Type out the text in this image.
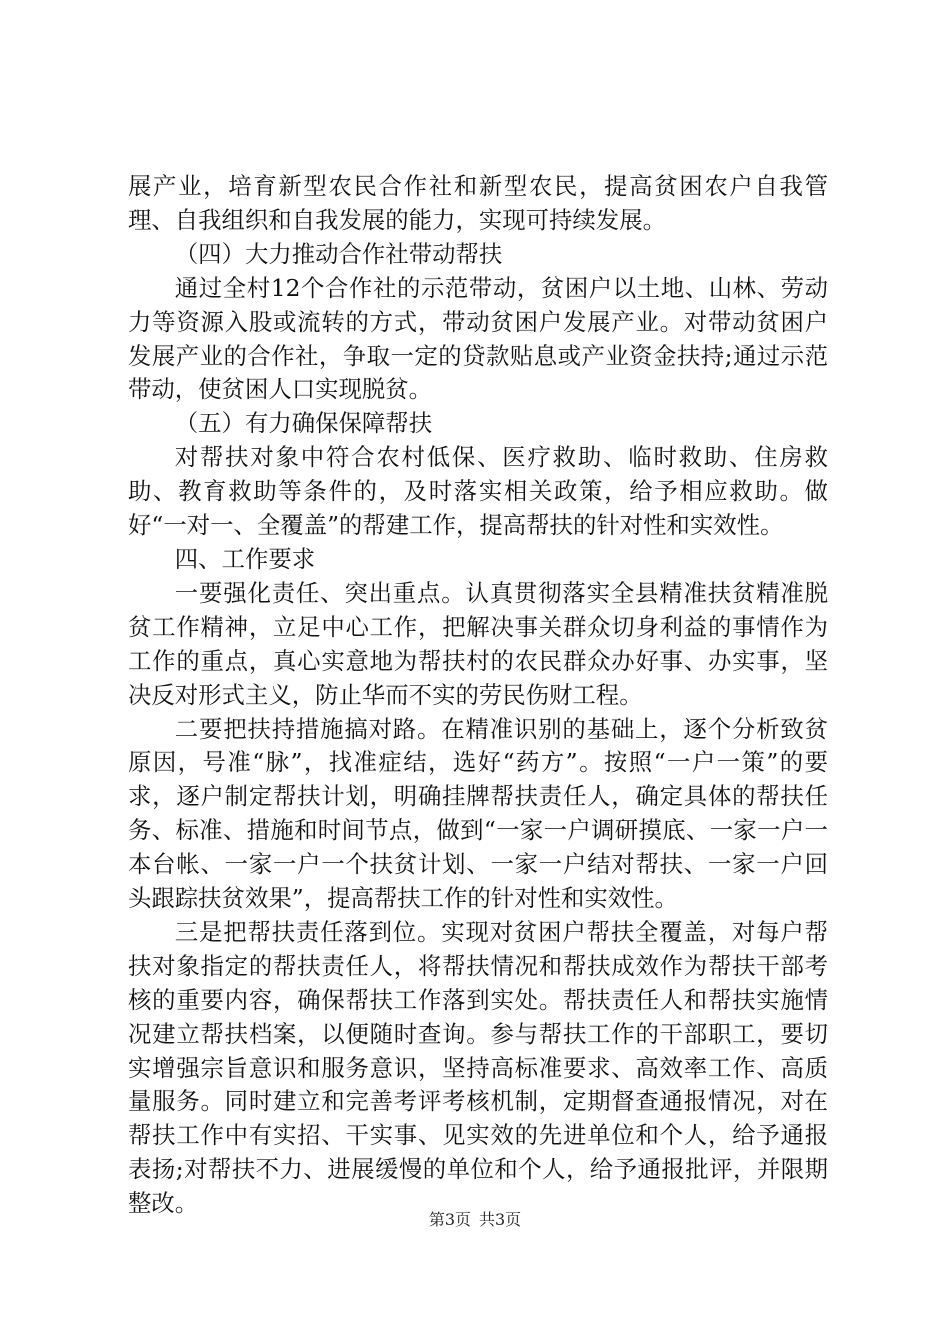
展产业，培育新型农民合作社和新型农民，提高贫困农户自我管理、自我组织和自我发展的能力，实现可持续发展。

（四）大力推动合作社带动帮扶

通过全村12个合作社的示范带动，贫困户以土地、山林、劳动力等资源入股或流转的方式，带动贫困户发展产业。对带动贫困户发展产业的合作社，争取一定的贷款贴息或产业资金扶持;通过示范带动，使贫困人口实现脱贫。

（五）有力确保保障帮扶

对帮扶对象中符合农村低保、医疗救助、临时救助、住房救助、教育救助等条件的，及时落实相关政策，给予相应救助。做好“一对一、全覆盖”的帮建工作，提高帮扶的针对性和实效性。

四、工作要求

一要强化责任、突出重点。认真贯彻落实全县精准扶贫精准脱贫工作精神，立足中心工作，把解决事关群众切身利益的事情作为工作的重点，真心实意地为帮扶村的农民群众办好事、办实事，坚决反对形式主义，防止华而不实的劳民伤财工程。

二要把扶持措施搞对路。在精准识别的基础上，逐个分析致贫原因，号准“脉”，找准症结，选好“药方”。按照“一户一策”的要求，逐户制定帮扶计划，明确挂牌帮扶责任人，确定具体的帮扶任务、标准、措施和时间节点，做到“一家一户调研摸底、一家一户一本台帐、一家一户一个扶贫计划、一家一户结对帮扶、一家一户回头跟踪扶贫效果”，提高帮扶工作的针对性和实效性。

三是把帮扶责任落到位。实现对贫困户帮扶全覆盖，对每户帮扶对象指定的帮扶责任人，将帮扶情况和帮扶成效作为帮扶干部考核的重要内容，确保帮扶工作落到实处。帮扶责任人和帮扶实施情况建立帮扶档案，以便随时查询。参与帮扶工作的干部职工，要切实增强宗旨意识和服务意识，坚持高标准要求、高效率工作、高质量服务。同时建立和完善考评考核机制，定期督查通报情况，对在帮扶工作中有实招、干实事、见实效的先进单位和个人，给予通报表扬;对帮扶不力、进展缓慢的单位和个人，给予通报批评，并限期整改。

第3页 共3页
